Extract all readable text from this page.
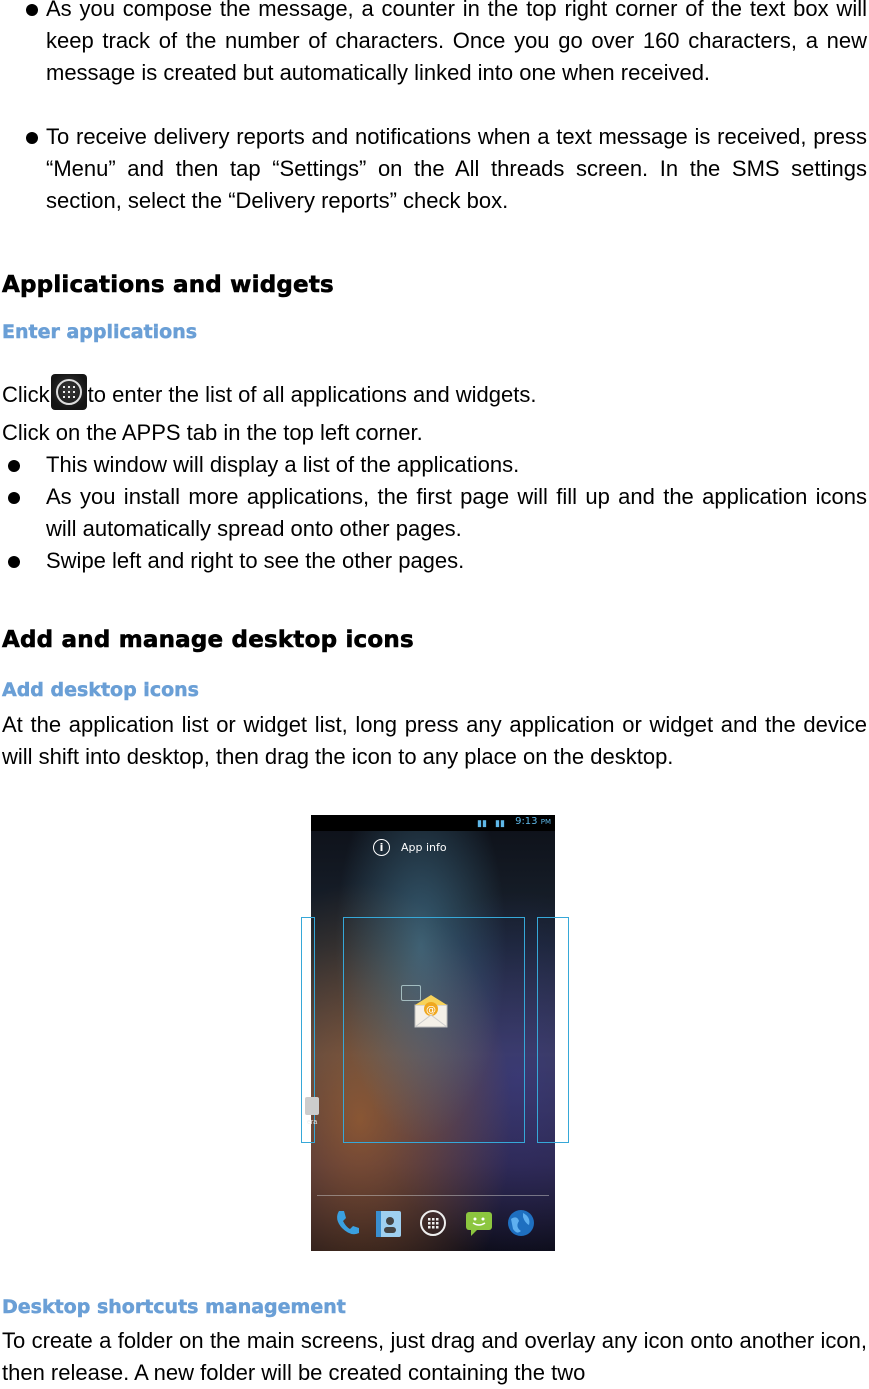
As you compose the message, a counter in the top right corner of the text box will keep track of the number of characters. Once you go over 160 characters, a new message is created but automatically linked into one when received.

To receive delivery reports and notifications when a text message is received, press “Menu” and then tap “Settings” on the All threads screen. In the SMS settings section, select the “Delivery reports” check box.

Applications and widgets
Enter applications

Click to enter the list of all applications and widgets.

Click on the APPS tab in the top left corner.

This window will display a list of the applications.

As you install more applications, the first page will fill up and the application icons will automatically spread onto other pages.

Swipe left and right to see the other pages.

Add and manage desktop icons
Add desktop icons

At the application list or widget list, long press any application or widget and the device will shift into desktop, then drag the icon to any place on the desktop.

▮▮ ▮▮ 9:13 PM
i	App info
era
@
Desktop shortcuts management

To create a folder on the main screens, just drag and overlay any icon onto another icon, then release. A new folder will be created containing the two
